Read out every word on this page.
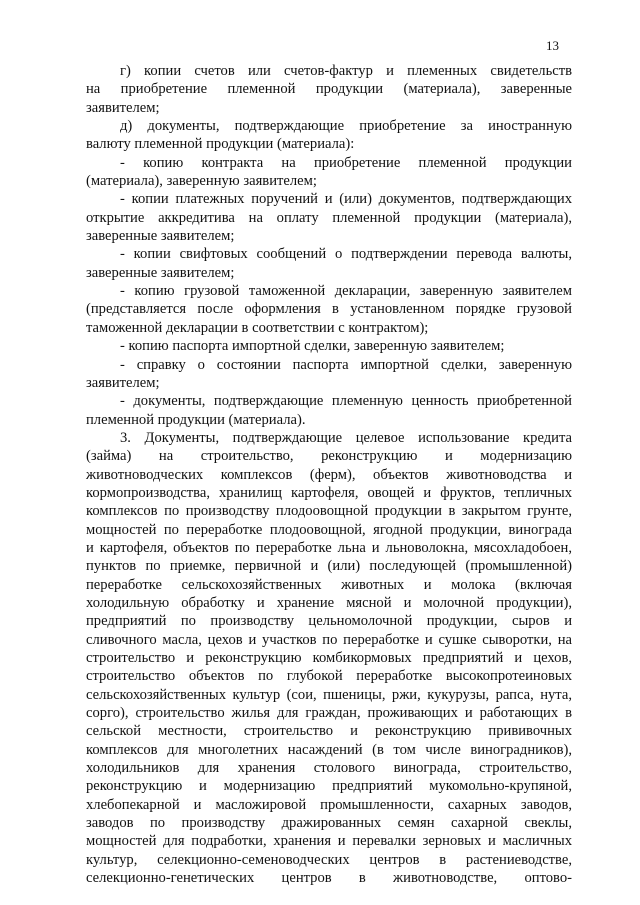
13
г) копии счетов или счетов-фактур и племенных свидетельств
на приобретение племенной продукции (материала), заверенные
заявителем;
д) документы, подтверждающие приобретение за иностранную
валюту племенной продукции (материала):
- копию контракта на приобретение племенной продукции
(материала), заверенную заявителем;
- копии платежных поручений и (или) документов, подтверждающих
открытие аккредитива на оплату племенной продукции (материала),
заверенные заявителем;
- копии свифтовых сообщений о подтверждении перевода валюты,
заверенные заявителем;
- копию грузовой таможенной декларации, заверенную заявителем
(представляется после оформления в установленном порядке грузовой
таможенной декларации в соответствии с контрактом);
- копию паспорта импортной сделки, заверенную заявителем;
- справку о состоянии паспорта импортной сделки, заверенную
заявителем;
- документы, подтверждающие племенную ценность приобретенной
племенной продукции (материала).
3. Документы, подтверждающие целевое использование кредита
(займа) на строительство, реконструкцию и модернизацию
животноводческих комплексов (ферм), объектов животноводства и
кормопроизводства, хранилищ картофеля, овощей и фруктов, тепличных
комплексов по производству плодоовощной продукции в закрытом грунте,
мощностей по переработке плодоовощной, ягодной продукции, винограда
и картофеля, объектов по переработке льна и льноволокна, мясохладобоен,
пунктов по приемке, первичной и (или) последующей (промышленной)
переработке сельскохозяйственных животных и молока (включая
холодильную обработку и хранение мясной и молочной продукции),
предприятий по производству цельномолочной продукции, сыров и
сливочного масла, цехов и участков по переработке и сушке сыворотки, на
строительство и реконструкцию комбикормовых предприятий и цехов,
строительство объектов по глубокой переработке высокопротеиновых
сельскохозяйственных культур (сои, пшеницы, ржи, кукурузы, рапса, нута,
сорго), строительство жилья для граждан, проживающих и работающих в
сельской местности, строительство и реконструкцию прививочных
комплексов для многолетних насаждений (в том числе виноградников),
холодильников для хранения столового винограда, строительство,
реконструкцию и модернизацию предприятий мукомольно-крупяной,
хлебопекарной и масложировой промышленности, сахарных заводов,
заводов по производству дражированных семян сахарной свеклы,
мощностей для подработки, хранения и перевалки зерновых и масличных
культур, селекционно-семеноводческих центров в растениеводстве,
селекционно-генетических центров в животноводстве, оптово-
